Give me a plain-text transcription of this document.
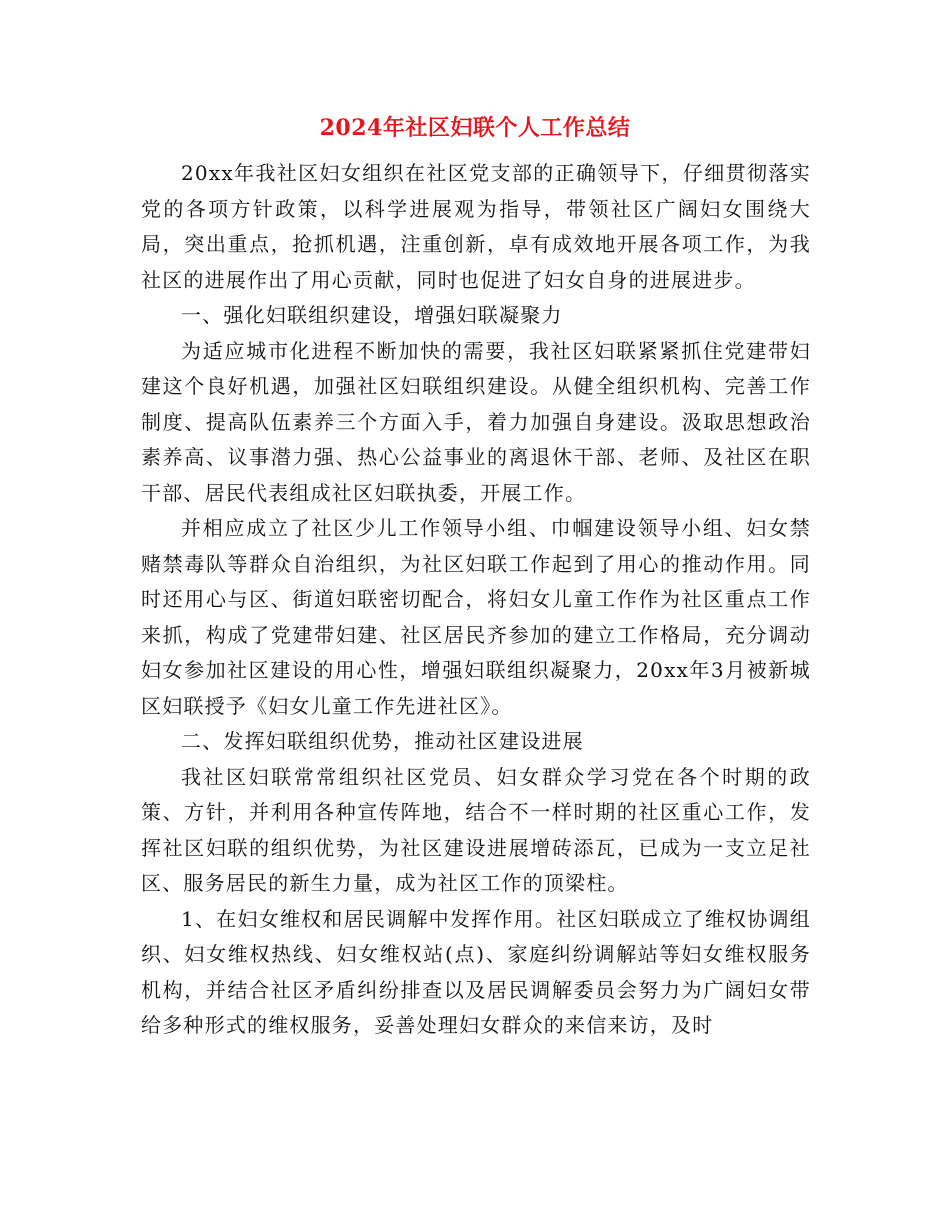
2024年社区妇联个人工作总结

20xx年我社区妇女组织在社区党支部的正确领导下，仔细贯彻落实党的各项方针政策，以科学进展观为指导，带领社区广阔妇女围绕大局，突出重点，抢抓机遇，注重创新，卓有成效地开展各项工作，为我社区的进展作出了用心贡献，同时也促进了妇女自身的进展进步。

一、强化妇联组织建设，增强妇联凝聚力

为适应城市化进程不断加快的需要，我社区妇联紧紧抓住党建带妇建这个良好机遇，加强社区妇联组织建设。从健全组织机构、完善工作制度、提高队伍素养三个方面入手，着力加强自身建设。汲取思想政治素养高、议事潜力强、热心公益事业的离退休干部、老师、及社区在职干部、居民代表组成社区妇联执委，开展工作。

并相应成立了社区少儿工作领导小组、巾帼建设领导小组、妇女禁赌禁毒队等群众自治组织，为社区妇联工作起到了用心的推动作用。同时还用心与区、街道妇联密切配合，将妇女儿童工作作为社区重点工作来抓，构成了党建带妇建、社区居民齐参加的建立工作格局，充分调动妇女参加社区建设的用心性，增强妇联组织凝聚力，20xx年3月被新城区妇联授予《妇女儿童工作先进社区》。

二、发挥妇联组织优势，推动社区建设进展

我社区妇联常常组织社区党员、妇女群众学习党在各个时期的政策、方针，并利用各种宣传阵地，结合不一样时期的社区重心工作，发挥社区妇联的组织优势，为社区建设进展增砖添瓦，已成为一支立足社区、服务居民的新生力量，成为社区工作的顶梁柱。

1、在妇女维权和居民调解中发挥作用。社区妇联成立了维权协调组织、妇女维权热线、妇女维权站(点)、家庭纠纷调解站等妇女维权服务机构，并结合社区矛盾纠纷排查以及居民调解委员会努力为广阔妇女带给多种形式的维权服务，妥善处理妇女群众的来信来访，及时
